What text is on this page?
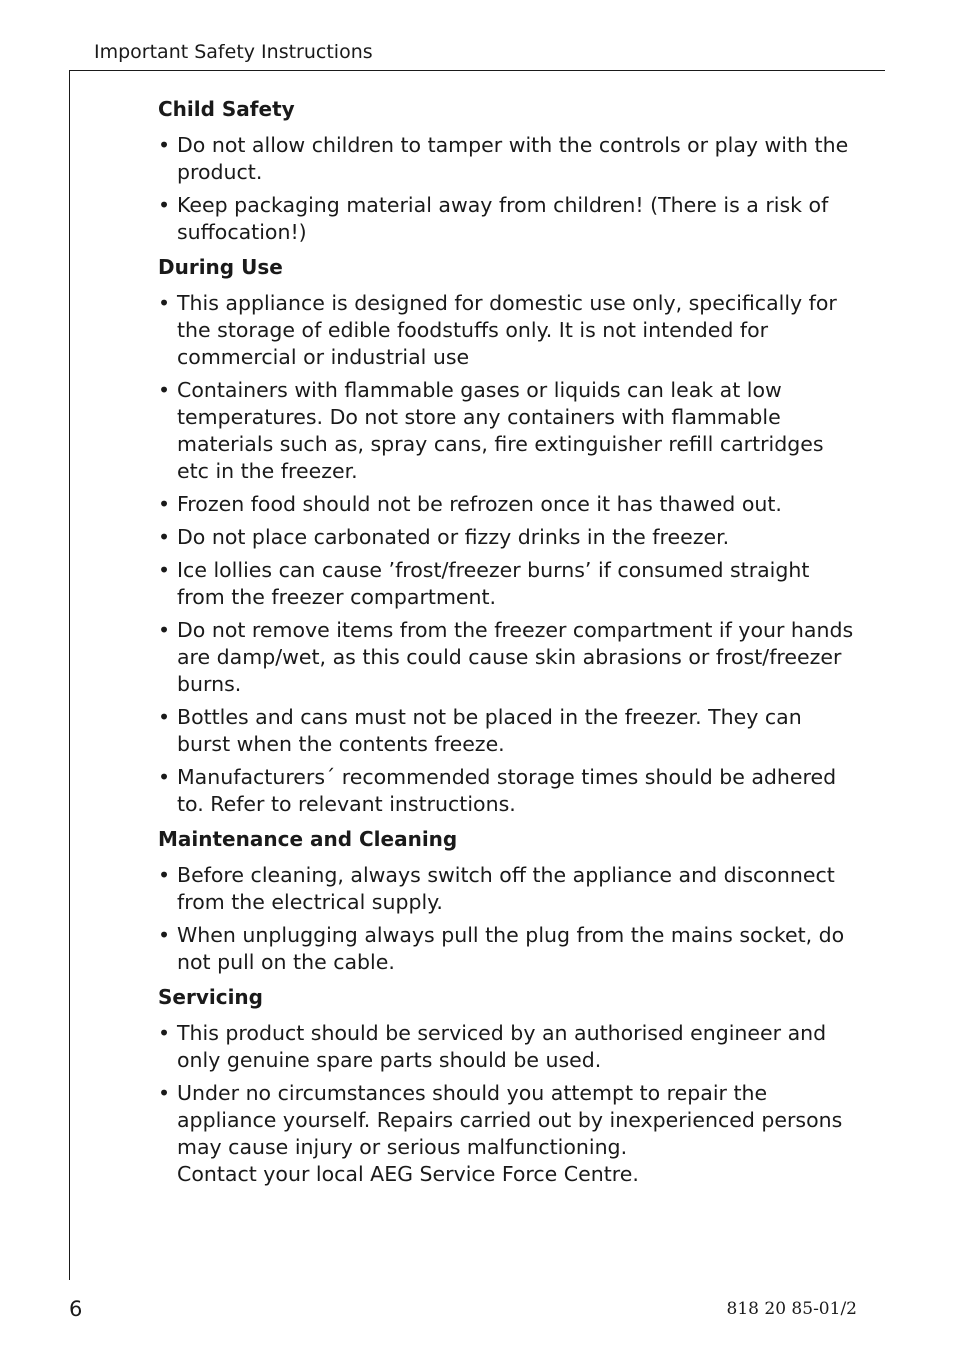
Important Safety Instructions
Child Safety
• Do not allow children to tamper with the controls or play with the product.
• Keep packaging material away from children! (There is a risk of suffocation!)
During Use
• This appliance is designed for domestic use only, specifically for the storage of edible foodstuffs only. It is not intended for commercial or industrial use
• Containers with flammable gases or liquids can leak at low temperatures. Do not store any containers with flammable materials such as, spray cans, fire extinguisher refill cartridges etc in the freezer.
• Frozen food should not be refrozen once it has thawed out.
• Do not place carbonated or fizzy drinks in the freezer.
• Ice lollies can cause ’frost/freezer burns’ if consumed straight from the freezer compartment.
• Do not remove items from the freezer compartment if your hands are damp/wet, as this could cause skin abrasions or frost/freezer burns.
• Bottles and cans must not be placed in the freezer. They can burst when the contents freeze.
• Manufacturers´ recommended storage times should be adhered to. Refer to relevant instructions.
Maintenance and Cleaning
• Before cleaning, always switch off the appliance and disconnect from the electrical supply.
• When unplugging always pull the plug from the mains socket, do not pull on the cable.
Servicing
• This product should be serviced by an authorised engineer and only genuine spare parts should be used.
• Under no circumstances should you attempt to repair the appliance yourself. Repairs carried out by inexperienced persons may cause injury or serious malfunctioning.
Contact your local AEG Service Force Centre.
6	818 20 85-01/2
